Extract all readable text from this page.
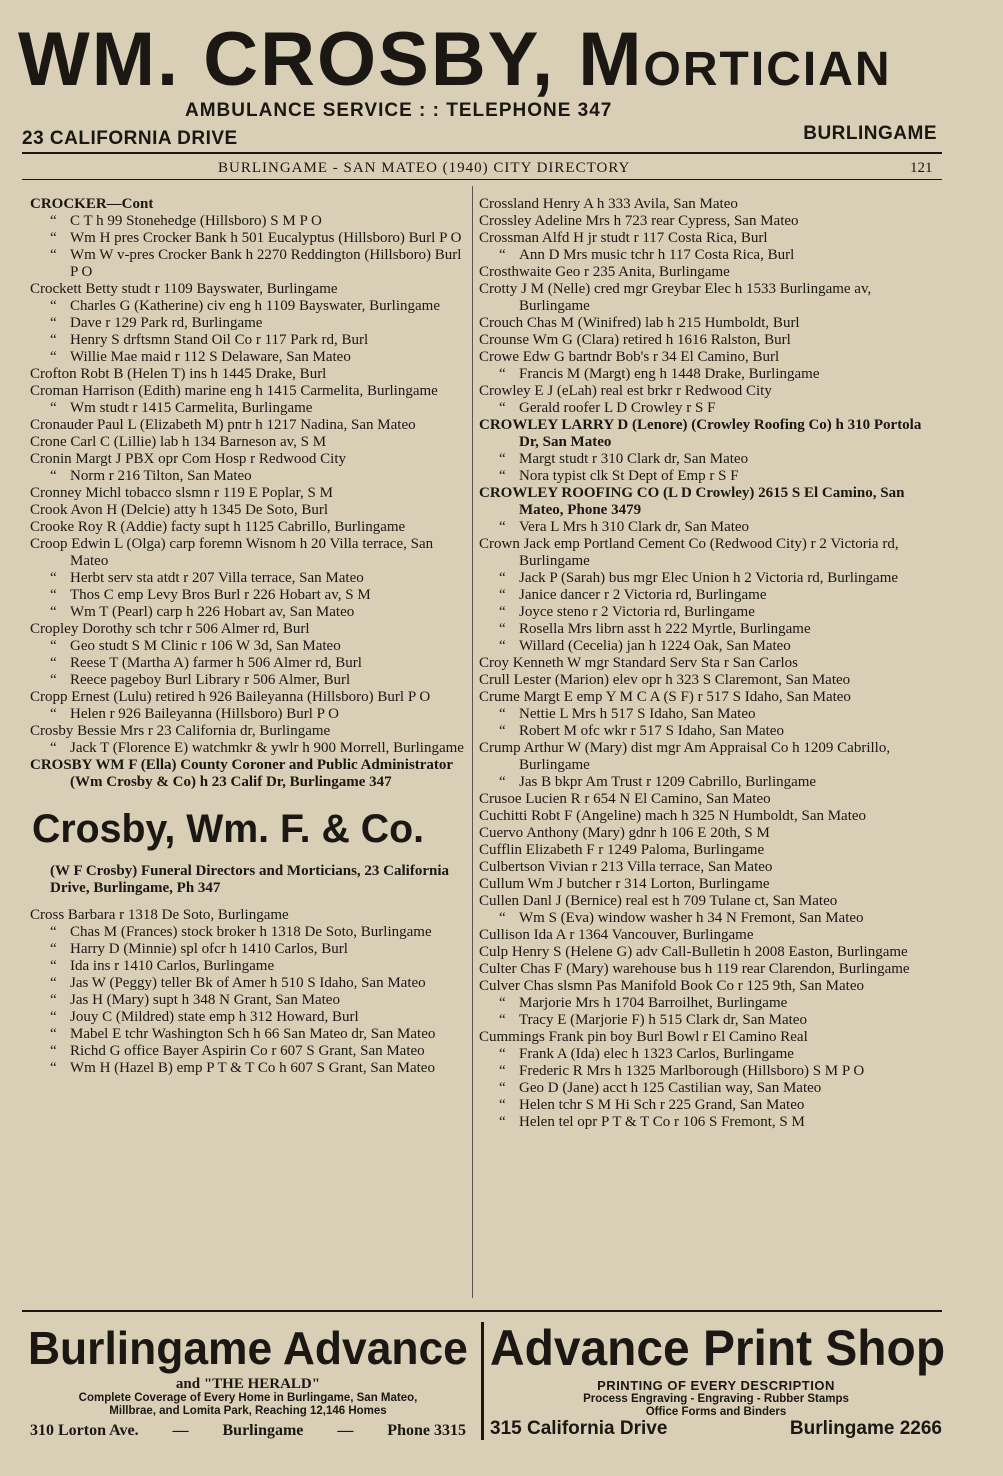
WM. CROSBY, MORTICIAN
AMBULANCE SERVICE : : TELEPHONE 347
23 CALIFORNIA DRIVE	BURLINGAME
BURLINGAME - SAN MATEO (1940) CITY DIRECTORY	121

CROCKER—Cont

“ C T h 99 Stonehedge (Hillsboro) S M P O

“ Wm H pres Crocker Bank h 501 Eucalyptus (Hillsboro) Burl P O

“ Wm W v-pres Crocker Bank h 2270 Reddington (Hillsboro) Burl P O

Crockett Betty studt r 1109 Bayswater, Burlingame

“ Charles G (Katherine) civ eng h 1109 Bayswater, Burlingame

“ Dave r 129 Park rd, Burlingame

“ Henry S drftsmn Stand Oil Co r 117 Park rd, Burl

“ Willie Mae maid r 112 S Delaware, San Mateo

Crofton Robt B (Helen T) ins h 1445 Drake, Burl

Croman Harrison (Edith) marine eng h 1415 Carmelita, Burlingame

“ Wm studt r 1415 Carmelita, Burlingame

Cronauder Paul L (Elizabeth M) pntr h 1217 Nadina, San Mateo

Crone Carl C (Lillie) lab h 134 Barneson av, S M

Cronin Margt J PBX opr Com Hosp r Redwood City

“ Norm r 216 Tilton, San Mateo

Cronney Michl tobacco slsmn r 119 E Poplar, S M

Crook Avon H (Delcie) atty h 1345 De Soto, Burl

Crooke Roy R (Addie) facty supt h 1125 Cabrillo, Burlingame

Croop Edwin L (Olga) carp foremn Wisnom h 20 Villa terrace, San Mateo

“ Herbt serv sta atdt r 207 Villa terrace, San Mateo

“ Thos C emp Levy Bros Burl r 226 Hobart av, S M

“ Wm T (Pearl) carp h 226 Hobart av, San Mateo

Cropley Dorothy sch tchr r 506 Almer rd, Burl

“ Geo studt S M Clinic r 106 W 3d, San Mateo

“ Reese T (Martha A) farmer h 506 Almer rd, Burl

“ Reece pageboy Burl Library r 506 Almer, Burl

Cropp Ernest (Lulu) retired h 926 Baileyanna (Hillsboro) Burl P O

“ Helen r 926 Baileyanna (Hillsboro) Burl P O

Crosby Bessie Mrs r 23 California dr, Burlingame

“ Jack T (Florence E) watchmkr & ywlr h 900 Morrell, Burlingame

CROSBY WM F (Ella) County Coroner and Public Administrator (Wm Crosby & Co) h 23 Calif Dr, Burlingame 347

Crosby, Wm. F. & Co.
(W F Crosby) Funeral Directors and Morticians, 23 California Drive, Burlingame, Ph 347

Cross Barbara r 1318 De Soto, Burlingame

“ Chas M (Frances) stock broker h 1318 De Soto, Burlingame

“ Harry D (Minnie) spl ofcr h 1410 Carlos, Burl

“ Ida ins r 1410 Carlos, Burlingame

“ Jas W (Peggy) teller Bk of Amer h 510 S Idaho, San Mateo

“ Jas H (Mary) supt h 348 N Grant, San Mateo

“ Jouy C (Mildred) state emp h 312 Howard, Burl

“ Mabel E tchr Washington Sch h 66 San Mateo dr, San Mateo

“ Richd G office Bayer Aspirin Co r 607 S Grant, San Mateo

“ Wm H (Hazel B) emp P T & T Co h 607 S Grant, San Mateo

Crossland Henry A h 333 Avila, San Mateo

Crossley Adeline Mrs h 723 rear Cypress, San Mateo

Crossman Alfd H jr studt r 117 Costa Rica, Burl

“ Ann D Mrs music tchr h 117 Costa Rica, Burl

Crosthwaite Geo r 235 Anita, Burlingame

Crotty J M (Nelle) cred mgr Greybar Elec h 1533 Burlingame av, Burlingame

Crouch Chas M (Winifred) lab h 215 Humboldt, Burl

Crounse Wm G (Clara) retired h 1616 Ralston, Burl

Crowe Edw G bartndr Bob's r 34 El Camino, Burl

“ Francis M (Margt) eng h 1448 Drake, Burlingame

Crowley E J (eLah) real est brkr r Redwood City

“ Gerald roofer L D Crowley r S F

CROWLEY LARRY D (Lenore) (Crowley Roofing Co) h 310 Portola Dr, San Mateo

“ Margt studt r 310 Clark dr, San Mateo

“ Nora typist clk St Dept of Emp r S F

CROWLEY ROOFING CO (L D Crowley) 2615 S El Camino, San Mateo, Phone 3479

“ Vera L Mrs h 310 Clark dr, San Mateo

Crown Jack emp Portland Cement Co (Redwood City) r 2 Victoria rd, Burlingame

“ Jack P (Sarah) bus mgr Elec Union h 2 Victoria rd, Burlingame

“ Janice dancer r 2 Victoria rd, Burlingame

“ Joyce steno r 2 Victoria rd, Burlingame

“ Rosella Mrs librn asst h 222 Myrtle, Burlingame

“ Willard (Cecelia) jan h 1224 Oak, San Mateo

Croy Kenneth W mgr Standard Serv Sta r San Carlos

Crull Lester (Marion) elev opr h 323 S Claremont, San Mateo

Crume Margt E emp Y M C A (S F) r 517 S Idaho, San Mateo

“ Nettie L Mrs h 517 S Idaho, San Mateo

“ Robert M ofc wkr r 517 S Idaho, San Mateo

Crump Arthur W (Mary) dist mgr Am Appraisal Co h 1209 Cabrillo, Burlingame

“ Jas B bkpr Am Trust r 1209 Cabrillo, Burlingame

Crusoe Lucien R r 654 N El Camino, San Mateo

Cuchitti Robt F (Angeline) mach h 325 N Humboldt, San Mateo

Cuervo Anthony (Mary) gdnr h 106 E 20th, S M

Cufflin Elizabeth F r 1249 Paloma, Burlingame

Culbertson Vivian r 213 Villa terrace, San Mateo

Cullum Wm J butcher r 314 Lorton, Burlingame

Cullen Danl J (Bernice) real est h 709 Tulane ct, San Mateo

“ Wm S (Eva) window washer h 34 N Fremont, San Mateo

Cullison Ida A r 1364 Vancouver, Burlingame

Culp Henry S (Helene G) adv Call-Bulletin h 2008 Easton, Burlingame

Culter Chas F (Mary) warehouse bus h 119 rear Clarendon, Burlingame

Culver Chas slsmn Pas Manifold Book Co r 125 9th, San Mateo

“ Marjorie Mrs h 1704 Barroilhet, Burlingame

“ Tracy E (Marjorie F) h 515 Clark dr, San Mateo

Cummings Frank pin boy Burl Bowl r El Camino Real

“ Frank A (Ida) elec h 1323 Carlos, Burlingame

“ Frederic R Mrs h 1325 Marlborough (Hillsboro) S M P O

“ Geo D (Jane) acct h 125 Castilian way, San Mateo

“ Helen tchr S M Hi Sch r 225 Grand, San Mateo

“ Helen tel opr P T & T Co r 106 S Fremont, S M

Burlingame Advance
and "THE HERALD"
Complete Coverage of Every Home in Burlingame, San Mateo,
Millbrae, and Lomita Park, Reaching 12,146 Homes
310 Lorton Ave. — Burlingame — Phone 3315
Advance Print Shop
PRINTING OF EVERY DESCRIPTION
Process Engraving - Engraving - Rubber Stamps
Office Forms and Binders
315 California Drive	Burlingame 2266
